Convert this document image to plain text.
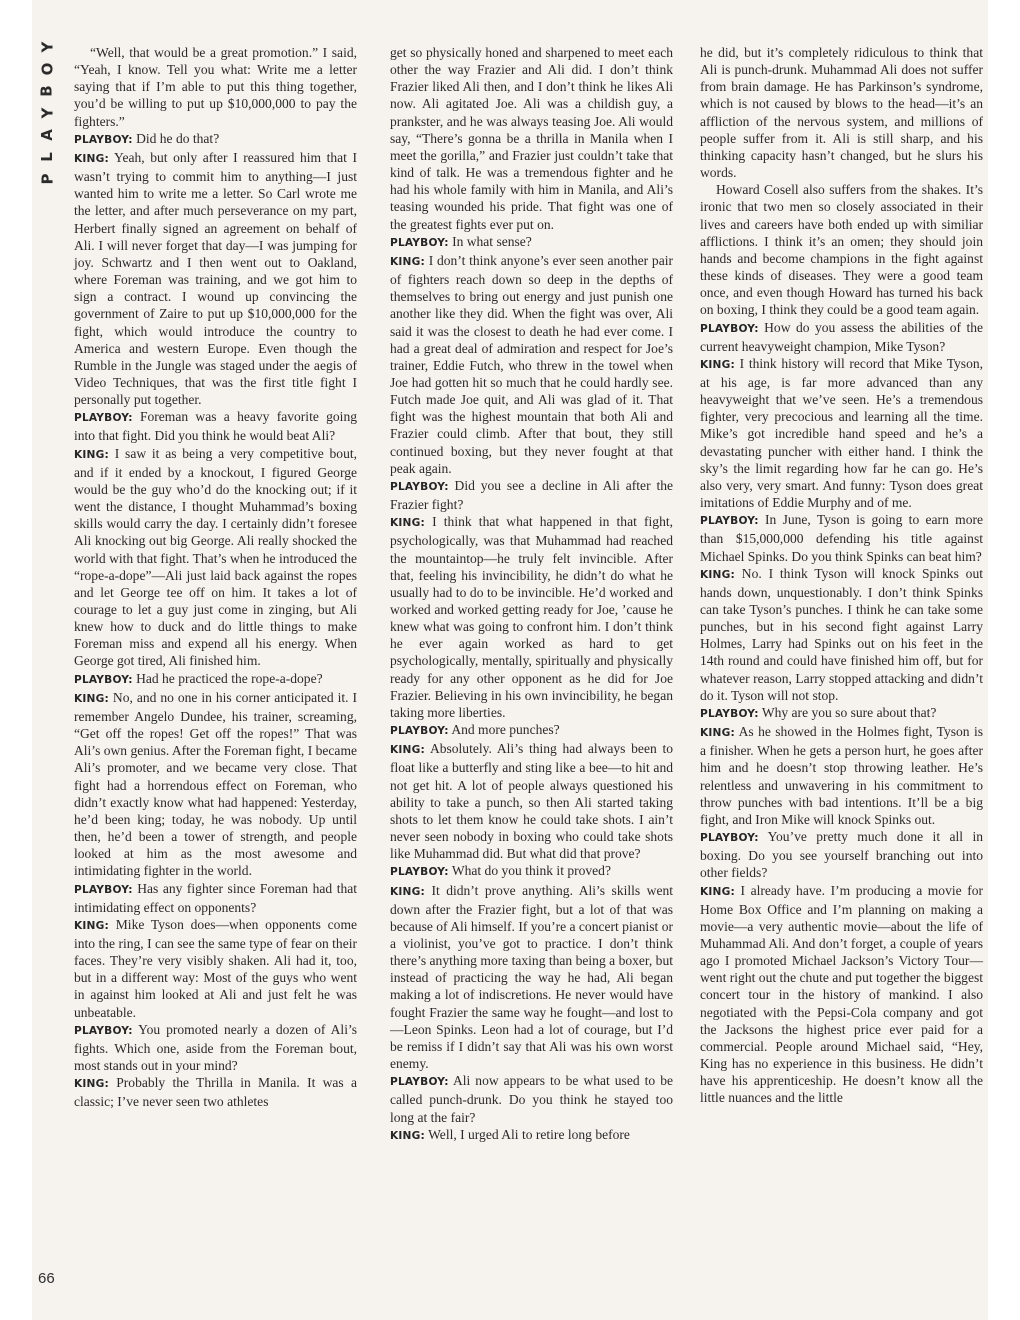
Y
O
B
Y
A
L
P

“Well, that would be a great promotion.” I said, “Yeah, I know. Tell you what: Write me a letter saying that if I’m able to put this thing together, you’d be willing to put up $10,000,000 to pay the fighters.”

PLAYBOY: Did he do that?

KING: Yeah, but only after I reassured him that I wasn’t trying to commit him to anything—I just wanted him to write me a letter. So Carl wrote me the letter, and after much perseverance on my part, Herbert finally signed an agreement on behalf of Ali. I will never forget that day—I was jumping for joy. Schwartz and I then went out to Oakland, where Foreman was training, and we got him to sign a contract. I wound up convincing the government of Zaire to put up $10,000,000 for the fight, which would introduce the country to America and western Europe. Even though the Rumble in the Jungle was staged under the aegis of Video Techniques, that was the first title fight I personally put together.

PLAYBOY: Foreman was a heavy favorite going into that fight. Did you think he would beat Ali?

KING: I saw it as being a very competitive bout, and if it ended by a knockout, I figured George would be the guy who’d do the knocking out; if it went the distance, I thought Muhammad’s boxing skills would carry the day. I certainly didn’t foresee Ali knocking out big George. Ali really shocked the world with that fight. That’s when he introduced the “rope-a-dope”—Ali just laid back against the ropes and let George tee off on him. It takes a lot of courage to let a guy just come in zinging, but Ali knew how to duck and do little things to make Foreman miss and expend all his energy. When George got tired, Ali finished him.

PLAYBOY: Had he practiced the rope-a-dope?

KING: No, and no one in his corner anticipated it. I remember Angelo Dundee, his trainer, screaming, “Get off the ropes! Get off the ropes!” That was Ali’s own genius. After the Foreman fight, I became Ali’s promoter, and we became very close. That fight had a horrendous effect on Foreman, who didn’t exactly know what had happened: Yesterday, he’d been king; today, he was nobody. Up until then, he’d been a tower of strength, and people looked at him as the most awesome and intimidating fighter in the world.

PLAYBOY: Has any fighter since Foreman had that intimidating effect on opponents?

KING: Mike Tyson does—when opponents come into the ring, I can see the same type of fear on their faces. They’re very visibly shaken. Ali had it, too, but in a different way: Most of the guys who went in against him looked at Ali and just felt he was unbeatable.

PLAYBOY: You promoted nearly a dozen of Ali’s fights. Which one, aside from the Foreman bout, most stands out in your mind?

KING: Probably the Thrilla in Manila. It was a classic; I’ve never seen two athletes

get so physically honed and sharpened to meet each other the way Frazier and Ali did. I don’t think Frazier liked Ali then, and I don’t think he likes Ali now. Ali agitated Joe. Ali was a childish guy, a prankster, and he was always teasing Joe. Ali would say, “There’s gonna be a thrilla in Manila when I meet the gorilla,” and Frazier just couldn’t take that kind of talk. He was a tremendous fighter and he had his whole family with him in Manila, and Ali’s teasing wounded his pride. That fight was one of the greatest fights ever put on.

PLAYBOY: In what sense?

KING: I don’t think anyone’s ever seen another pair of fighters reach down so deep in the depths of themselves to bring out energy and just punish one another like they did. When the fight was over, Ali said it was the closest to death he had ever come. I had a great deal of admiration and respect for Joe’s trainer, Eddie Futch, who threw in the towel when Joe had gotten hit so much that he could hardly see. Futch made Joe quit, and Ali was glad of it. That fight was the highest mountain that both Ali and Frazier could climb. After that bout, they still continued boxing, but they never fought at that peak again.

PLAYBOY: Did you see a decline in Ali after the Frazier fight?

KING: I think that what happened in that fight, psychologically, was that Muhammad had reached the mountaintop—he truly felt invincible. After that, feeling his invincibility, he didn’t do what he usually had to do to be invincible. He’d worked and worked and worked getting ready for Joe, ’cause he knew what was going to confront him. I don’t think he ever again worked as hard to get psychologically, mentally, spiritually and physically ready for any other opponent as he did for Joe Frazier. Believing in his own invincibility, he began taking more liberties.

PLAYBOY: And more punches?

KING: Absolutely. Ali’s thing had always been to float like a butterfly and sting like a bee—to hit and not get hit. A lot of people always questioned his ability to take a punch, so then Ali started taking shots to let them know he could take shots. I ain’t never seen nobody in boxing who could take shots like Muhammad did. But what did that prove?

PLAYBOY: What do you think it proved?

KING: It didn’t prove anything. Ali’s skills went down after the Frazier fight, but a lot of that was because of Ali himself. If you’re a concert pianist or a violinist, you’ve got to practice. I don’t think there’s anything more taxing than being a boxer, but instead of practicing the way he had, Ali began making a lot of indiscretions. He never would have fought Frazier the same way he fought—and lost to—Leon Spinks. Leon had a lot of courage, but I’d be remiss if I didn’t say that Ali was his own worst enemy.

PLAYBOY: Ali now appears to be what used to be called punch-drunk. Do you think he stayed too long at the fair?

KING: Well, I urged Ali to retire long before

he did, but it’s completely ridiculous to think that Ali is punch-drunk. Muhammad Ali does not suffer from brain damage. He has Parkinson’s syndrome, which is not caused by blows to the head—it’s an affliction of the nervous system, and millions of people suffer from it. Ali is still sharp, and his thinking capacity hasn’t changed, but he slurs his words.

Howard Cosell also suffers from the shakes. It’s ironic that two men so closely associated in their lives and careers have both ended up with similiar afflictions. I think it’s an omen; they should join hands and become champions in the fight against these kinds of diseases. They were a good team once, and even though Howard has turned his back on boxing, I think they could be a good team again.

PLAYBOY: How do you assess the abilities of the current heavyweight champion, Mike Tyson?

KING: I think history will record that Mike Tyson, at his age, is far more advanced than any heavyweight that we’ve seen. He’s a tremendous fighter, very precocious and learning all the time. Mike’s got incredible hand speed and he’s a devastating puncher with either hand. I think the sky’s the limit regarding how far he can go. He’s also very, very smart. And funny: Tyson does great imitations of Eddie Murphy and of me.

PLAYBOY: In June, Tyson is going to earn more than $15,000,000 defending his title against Michael Spinks. Do you think Spinks can beat him?

KING: No. I think Tyson will knock Spinks out hands down, unquestionably. I don’t think Spinks can take Tyson’s punches. I think he can take some punches, but in his second fight against Larry Holmes, Larry had Spinks out on his feet in the 14th round and could have finished him off, but for whatever reason, Larry stopped attacking and didn’t do it. Tyson will not stop.

PLAYBOY: Why are you so sure about that?

KING: As he showed in the Holmes fight, Tyson is a finisher. When he gets a person hurt, he goes after him and he doesn’t stop throwing leather. He’s relentless and unwavering in his commitment to throw punches with bad intentions. It’ll be a big fight, and Iron Mike will knock Spinks out.

PLAYBOY: You’ve pretty much done it all in boxing. Do you see yourself branching out into other fields?

KING: I already have. I’m producing a movie for Home Box Office and I’m planning on making a movie—a very authentic movie—about the life of Muhammad Ali. And don’t forget, a couple of years ago I promoted Michael Jackson’s Victory Tour—went right out the chute and put together the biggest concert tour in the history of mankind. I also negotiated with the Pepsi-Cola company and got the Jacksons the highest price ever paid for a commercial. People around Michael said, “Hey, King has no experience in this business. He didn’t have his apprenticeship. He doesn’t know all the little nuances and the little

66
